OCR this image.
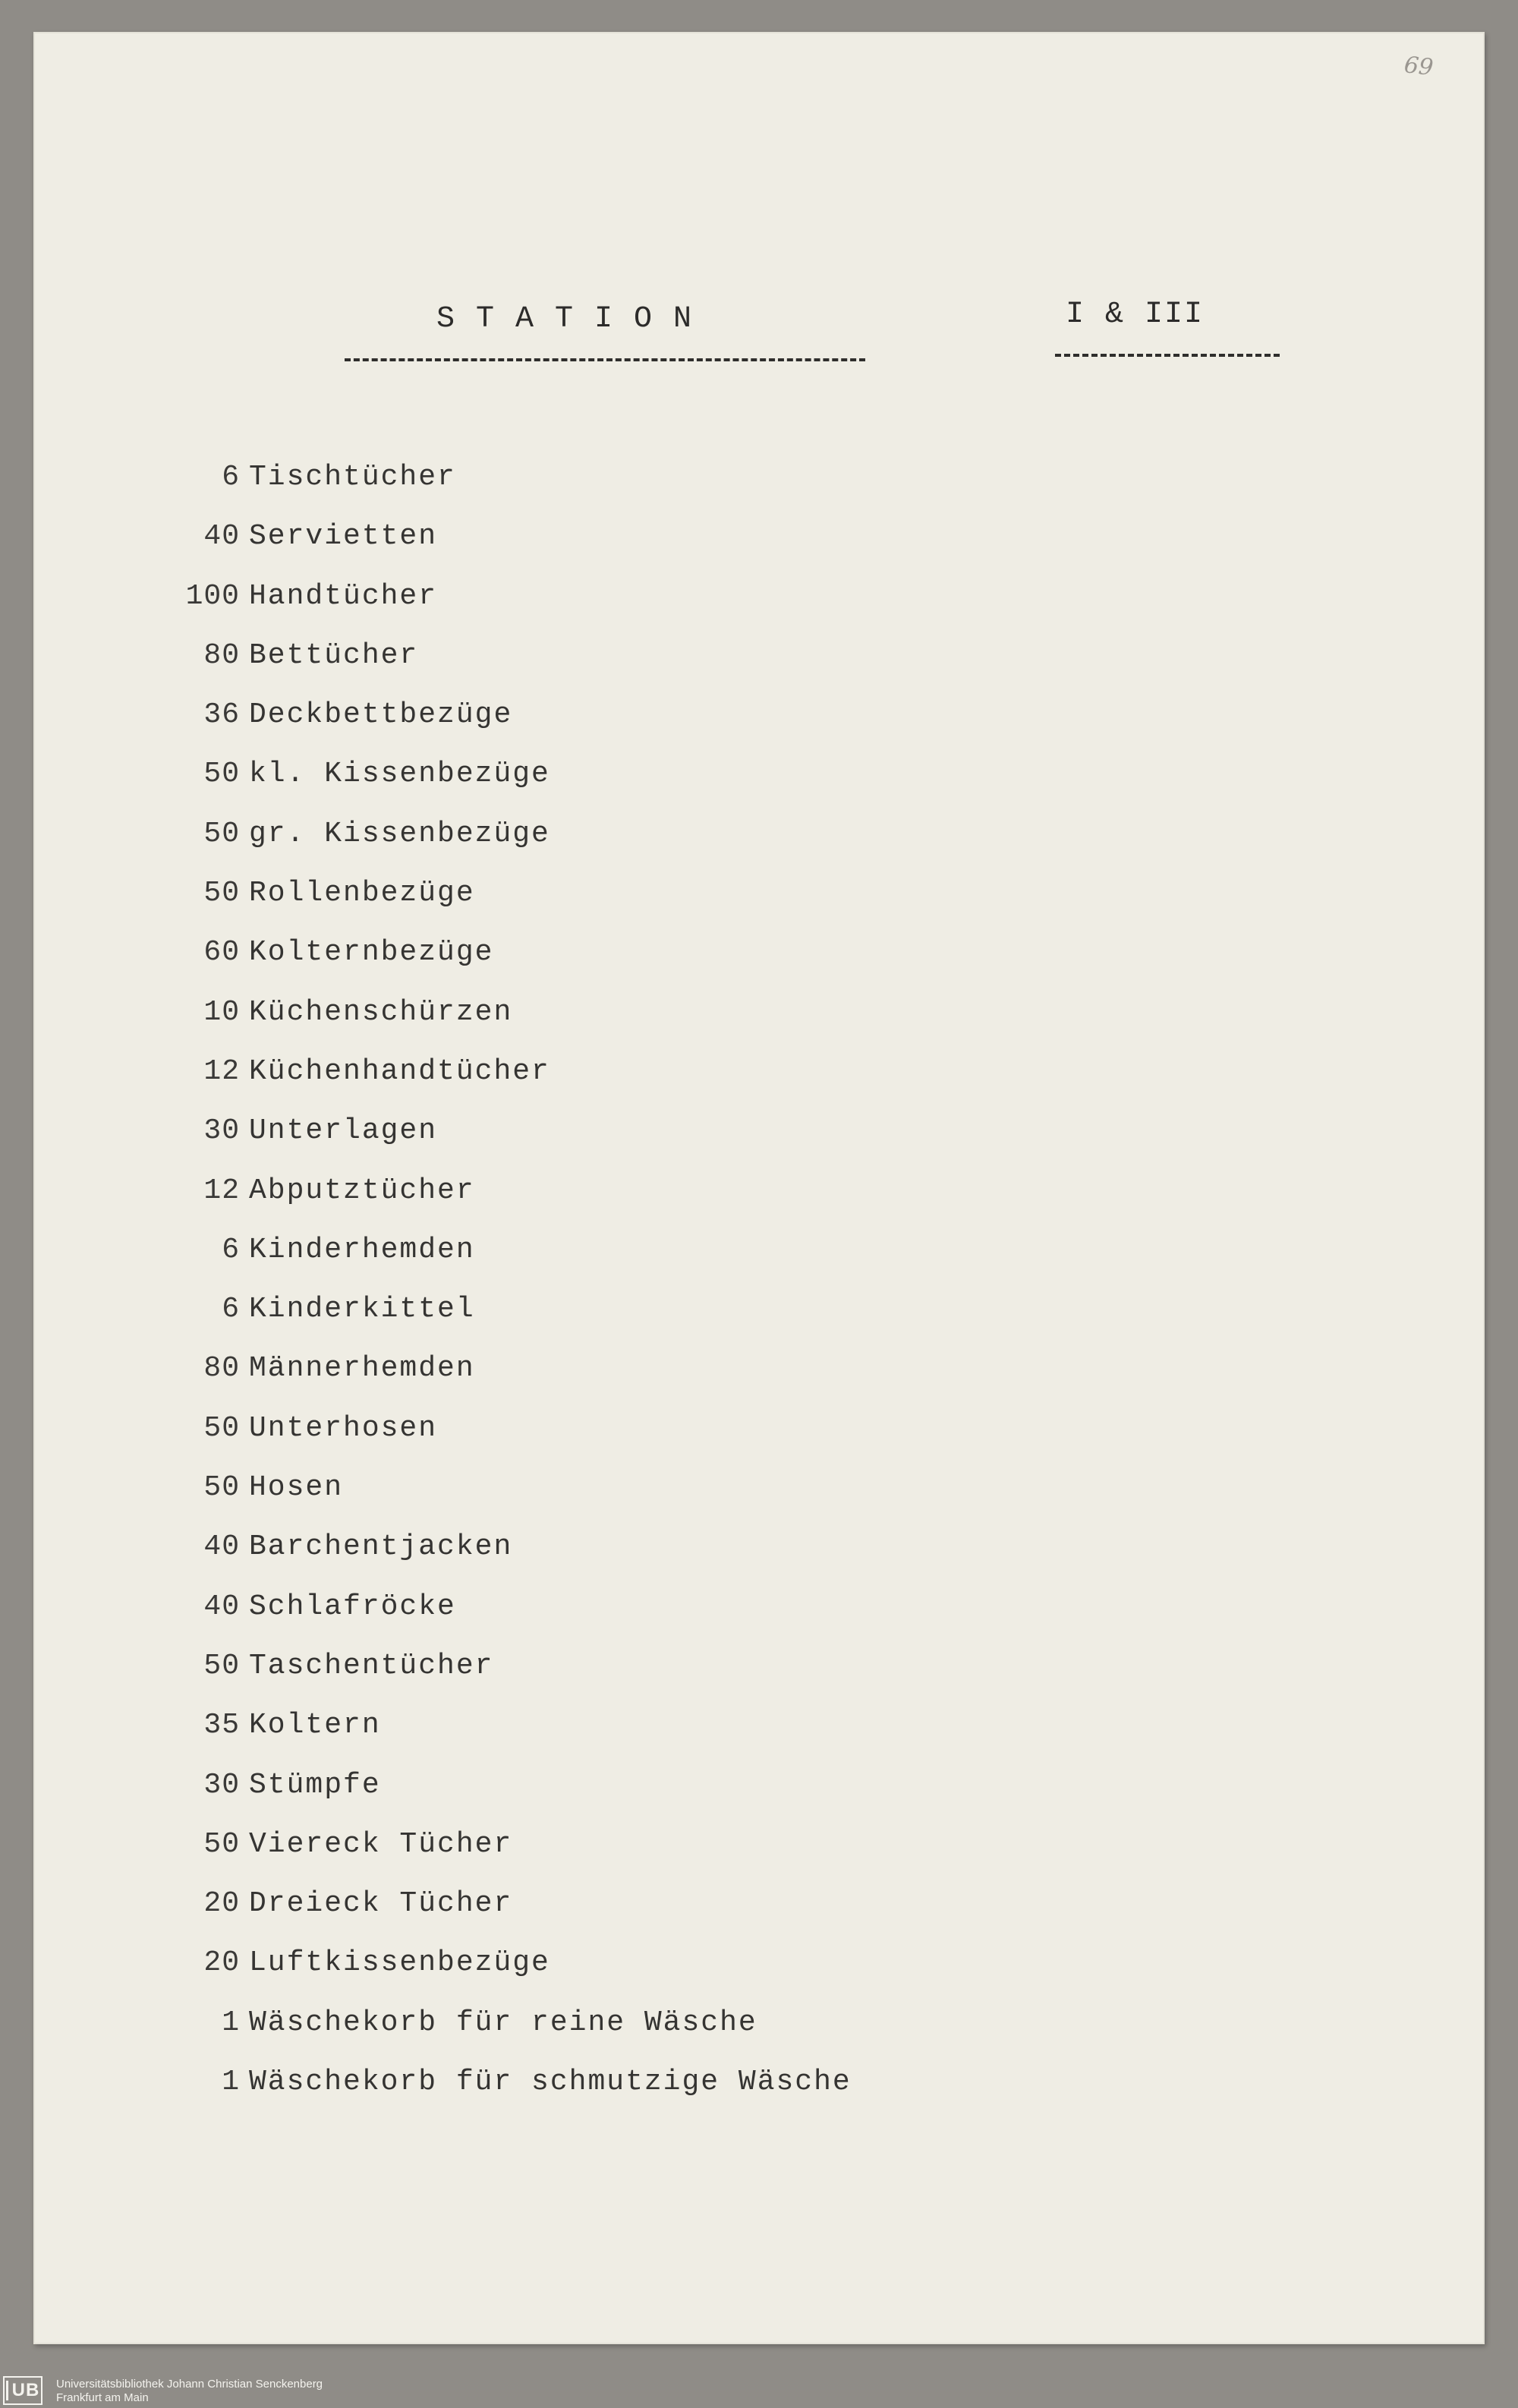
69
S T A T I O N	I & III
6 Tischtücher
40 Servietten
100 Handtücher
80 Bettücher
36 Deckbettbezüge
50 kl. Kissenbezüge
50 gr. Kissenbezüge
50 Rollenbezüge
60 Kolternbezüge
10 Küchenschürzen
12 Küchenhandtücher
30 Unterlagen
12 Abputztücher
6 Kinderhemden
6 Kinderkittel
80 Männerhemden
50 Unterhosen
50 Hosen
40 Barchentjacken
40 Schlafröcke
50 Taschentücher
35 Koltern
30 Stümpfe
50 Viereck Tücher
20 Dreieck Tücher
20 Luftkissenbezüge
1 Wäschekorb für reine Wäsche
1 Wäschekorb für schmutzige Wäsche
UB Universitätsbibliothek Johann Christian Senckenberg
Frankfurt am Main
